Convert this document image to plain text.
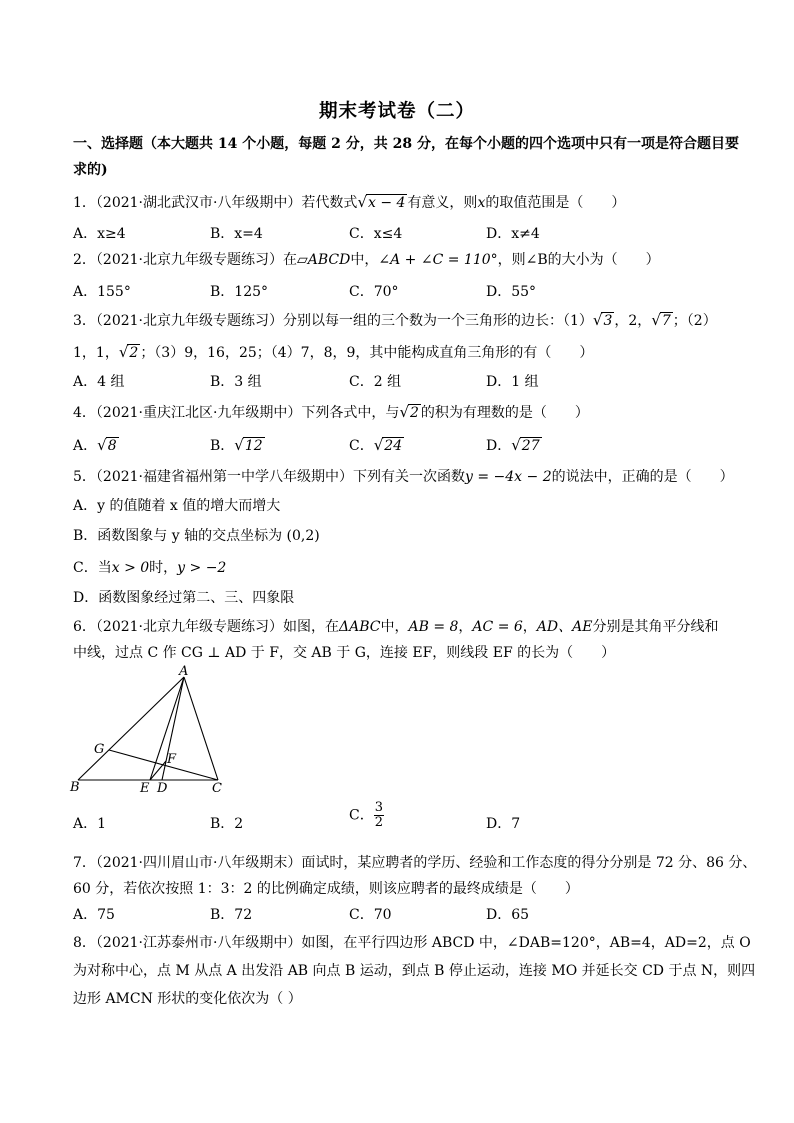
期末考试卷（二）
一、选择题（本大题共 14 个小题，每题 2 分，共 28 分，在每个小题的四个选项中只有一项是符合题目要
求的)
1．（2021·湖北武汉市·八年级期中）若代数式√x − 4 有意义，则x的取值范围是（　　）
A．x≥4	B．x=4	C．x≤4	D．x≠4
2．（2021·北京九年级专题练习）在▱ABCD中，∠A + ∠C = 110°，则∠B的大小为（　　）
A．155°	B．125°	C．70°	D．55°
3．（2021·北京九年级专题练习）分别以每一组的三个数为一个三角形的边长：（1）√3 ，2，√7 ；（2）
1，1，√2 ；（3）9，16，25；（4）7，8，9，其中能构成直角三角形的有（　　）
A．4 组	B．3 组	C．2 组	D．1 组
4．（2021·重庆江北区·九年级期中）下列各式中，与√2 的积为有理数的是（　　）
A．√8	B．√12	C．√24	D．√27
5．（2021·福建省福州第一中学八年级期中）下列有关一次函数y = −4x − 2的说法中，正确的是（　　）
A．y 的值随着 x 值的增大而增大
B．函数图象与 y 轴的交点坐标为 (0,2)
C．当x > 0时，y > −2
D．函数图象经过第二、三、四象限
6．（2021·北京九年级专题练习）如图，在ΔABC中，AB = 8，AC = 6，AD、AE分别是其角平分线和
中线，过点 C 作 CG ⊥ AD 于 F，交 AB 于 G，连接 EF，则线段 EF 的长为（　　）
A
G
F
B	E D	C
A．1	B．2
C． $\frac{3}{2}$	D．7
7．（2021·四川眉山市·八年级期末）面试时，某应聘者的学历、经验和工作态度的得分分别是 72 分、86 分、
60 分，若依次按照 1：3：2 的比例确定成绩，则该应聘者的最终成绩是（　　）
A．75	B．72	C．70	D．65
8．（2021·江苏泰州市·八年级期中）如图，在平行四边形 ABCD 中，∠DAB=120°，AB=4，AD=2，点 O
为对称中心，点 M 从点 A 出发沿 AB 向点 B 运动，到点 B 停止运动，连接 MO 并延长交 CD 于点 N，则四
边形 AMCN 形状的变化依次为（ ）
